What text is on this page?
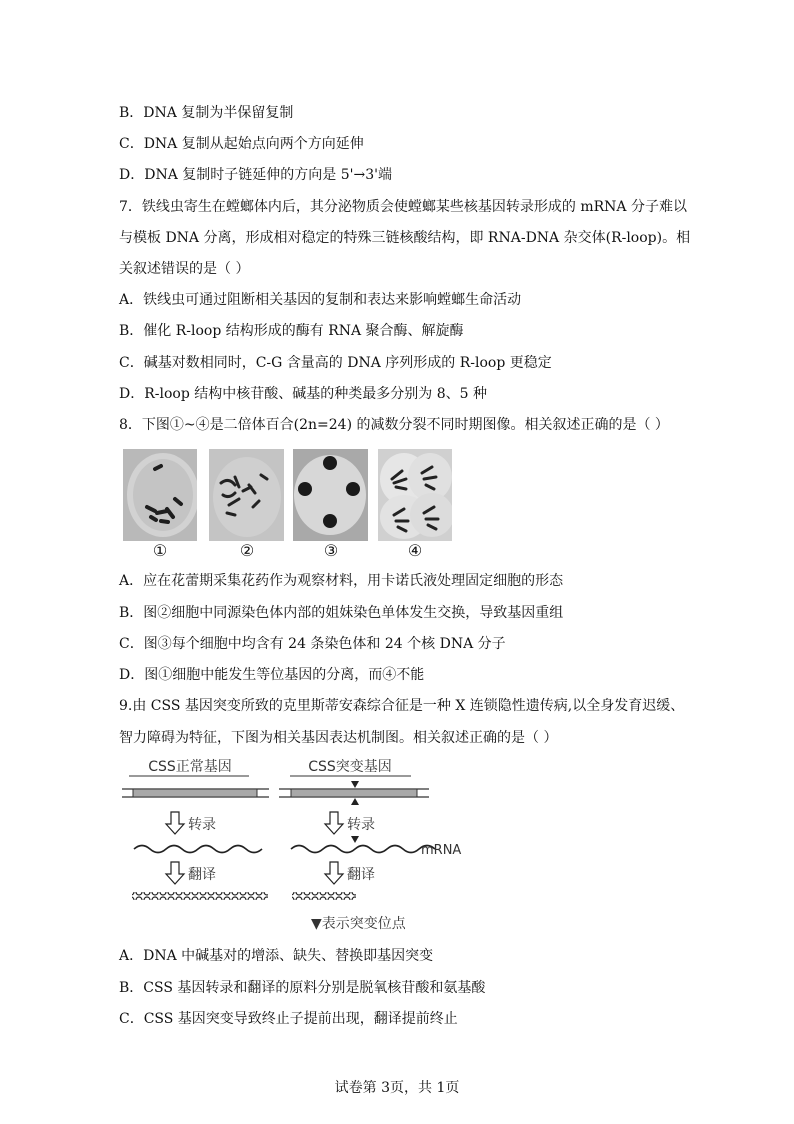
B．DNA 复制为半保留复制
C．DNA 复制从起始点向两个方向延伸
D．DNA 复制时子链延伸的方向是 5'→3'端
7．铁线虫寄生在螳螂体内后，其分泌物质会使螳螂某些核基因转录形成的 mRNA 分子难以
与模板 DNA 分离，形成相对稳定的特殊三链核酸结构，即 RNA-DNA 杂交体(R-loop)。相
关叙述错误的是（ ）
A．铁线虫可通过阻断相关基因的复制和表达来影响螳螂生命活动
B．催化 R-loop 结构形成的酶有 RNA 聚合酶、解旋酶
C．碱基对数相同时，C-G 含量高的 DNA 序列形成的 R-loop 更稳定
D．R-loop 结构中核苷酸、碱基的种类最多分别为 8、5 种
8．下图①~④是二倍体百合(2n=24) 的减数分裂不同时期图像。相关叙述正确的是（ ）
①	②	③	④
A．应在花蕾期采集花药作为观察材料，用卡诺氏液处理固定细胞的形态
B．图②细胞中同源染色体内部的姐妹染色单体发生交换，导致基因重组
C．图③每个细胞中均含有 24 条染色体和 24 个核 DNA 分子
D．图①细胞中能发生等位基因的分离，而④不能
9.由 CSS 基因突变所致的克里斯蒂安森综合征是一种 X 连锁隐性遗传病,以全身发育迟缓、
智力障碍为特征，下图为相关基因表达机制图。相关叙述正确的是（ ）
CSS正常基因	CSS突变基因
转录	转录
mRNA
翻译	翻译
▼表示突变位点
A．DNA 中碱基对的增添、缺失、替换即基因突变
B．CSS 基因转录和翻译的原料分别是脱氧核苷酸和氨基酸
C．CSS 基因突变导致终止子提前出现，翻译提前终止
试卷第 3页，共 1页
